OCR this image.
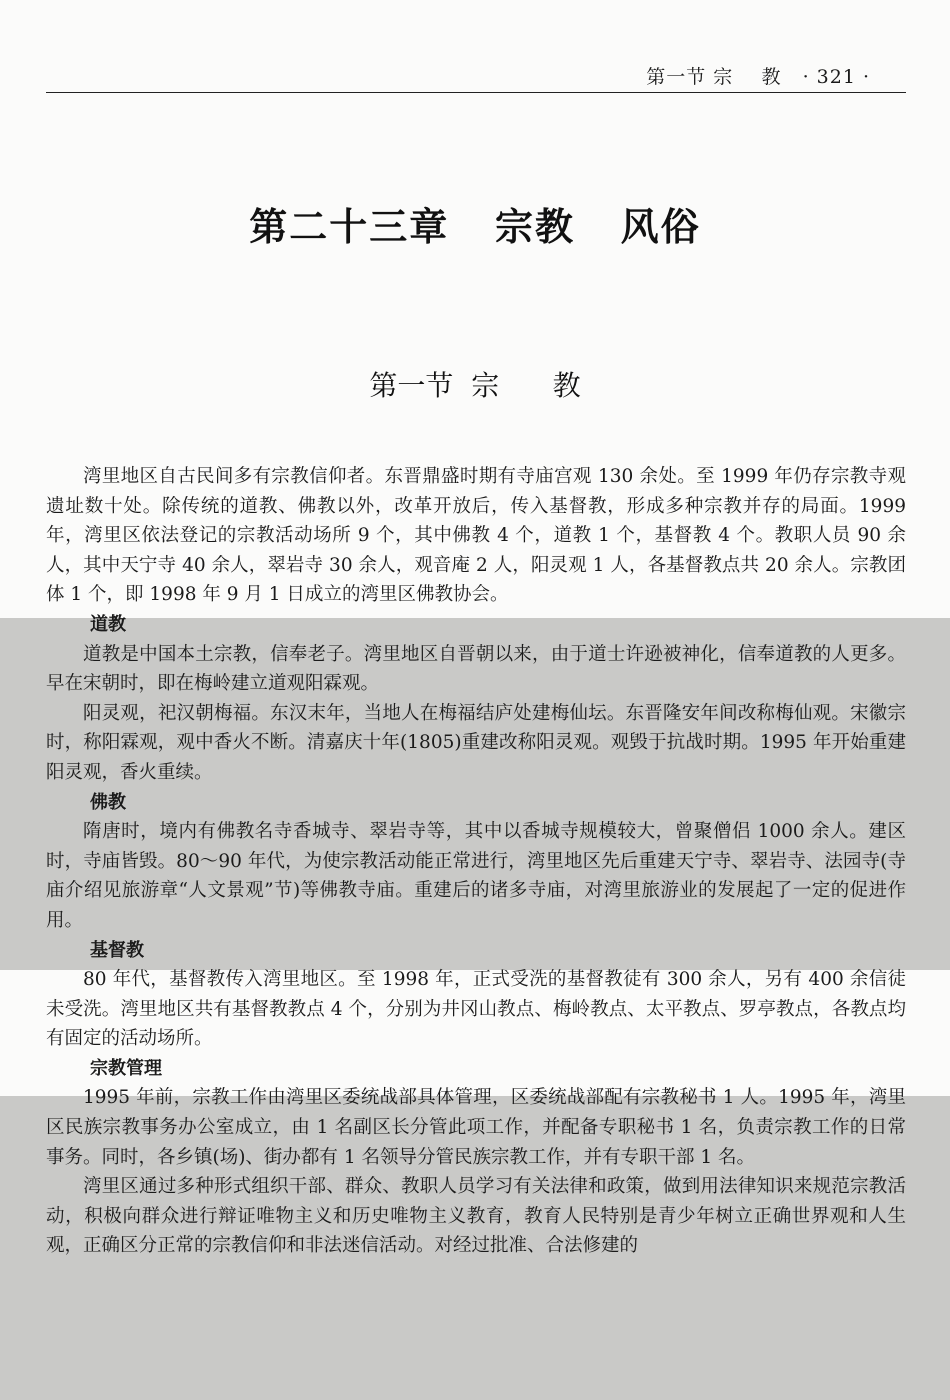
第一节 宗    教   · 321 ·
第二十三章   宗教   风俗
第一节  宗      教

湾里地区自古民间多有宗教信仰者。东晋鼎盛时期有寺庙宫观 130 余处。至 1999 年仍存宗教寺观遗址数十处。除传统的道教、佛教以外，改革开放后，传入基督教，形成多种宗教并存的局面。1999 年，湾里区依法登记的宗教活动场所 9 个，其中佛教 4 个，道教 1 个，基督教 4 个。教职人员 90 余人，其中天宁寺 40 余人，翠岩寺 30 余人，观音庵 2 人，阳灵观 1 人，各基督教点共 20 余人。宗教团体 1 个，即 1998 年 9 月 1 日成立的湾里区佛教协会。

道教

道教是中国本土宗教，信奉老子。湾里地区自晋朝以来，由于道士许逊被神化，信奉道教的人更多。早在宋朝时，即在梅岭建立道观阳霖观。

阳灵观，祀汉朝梅福。东汉末年，当地人在梅福结庐处建梅仙坛。东晋隆安年间改称梅仙观。宋徽宗时，称阳霖观，观中香火不断。清嘉庆十年(1805)重建改称阳灵观。观毁于抗战时期。1995 年开始重建阳灵观，香火重续。

佛教

隋唐时，境内有佛教名寺香城寺、翠岩寺等，其中以香城寺规模较大，曾聚僧侣 1000 余人。建区时，寺庙皆毁。80～90 年代，为使宗教活动能正常进行，湾里地区先后重建天宁寺、翠岩寺、法园寺(寺庙介绍见旅游章“人文景观”节)等佛教寺庙。重建后的诸多寺庙，对湾里旅游业的发展起了一定的促进作用。

基督教

80 年代，基督教传入湾里地区。至 1998 年，正式受洗的基督教徒有 300 余人，另有 400 余信徒未受洗。湾里地区共有基督教教点 4 个，分别为井冈山教点、梅岭教点、太平教点、罗亭教点，各教点均有固定的活动场所。

宗教管理

1995 年前，宗教工作由湾里区委统战部具体管理，区委统战部配有宗教秘书 1 人。1995 年，湾里区民族宗教事务办公室成立，由 1 名副区长分管此项工作，并配备专职秘书 1 名，负责宗教工作的日常事务。同时，各乡镇(场)、街办都有 1 名领导分管民族宗教工作，并有专职干部 1 名。

湾里区通过多种形式组织干部、群众、教职人员学习有关法律和政策，做到用法律知识来规范宗教活动，积极向群众进行辩证唯物主义和历史唯物主义教育，教育人民特别是青少年树立正确世界观和人生观，正确区分正常的宗教信仰和非法迷信活动。对经过批准、合法修建的
